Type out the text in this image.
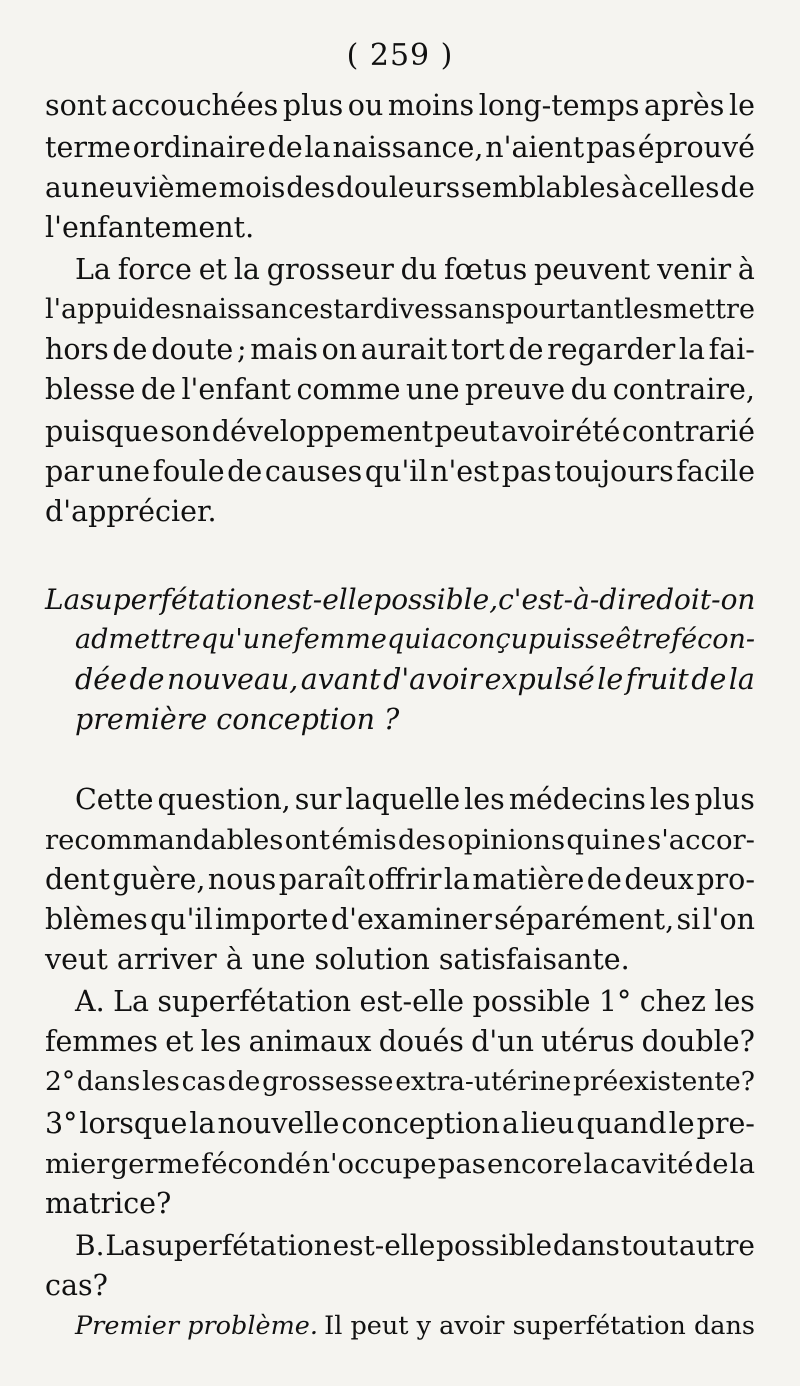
( 259 )
sont accouchées plus ou moins long-temps après le
terme ordinaire de la naissance, n'aient pas éprouvé
au neuvième mois des douleurs semblables à celles de
l'enfantement.
La force et la grosseur du fœtus peuvent venir à
l'appui des naissances tardives sans pourtant les mettre
hors de doute ; mais on aurait tort de regarder la fai-
blesse de l'enfant comme une preuve du contraire,
puisque son développement peut avoir été contrarié
par une foule de causes qu'il n'est pas toujours facile
d'apprécier.
La superfétation est-elle possible, c'est-à-dire doit-on
admettre qu'une femme qui a conçu puisse être fécon-
dée de nouveau, avant d'avoir expulsé le fruit de la
première conception ?
Cette question, sur laquelle les médecins les plus
recommandables ont émis des opinions qui ne s'accor-
dent guère, nous paraît offrir la matière de deux pro-
blèmes qu'il importe d'examiner séparément, si l'on
veut arriver à une solution satisfaisante.
A. La superfétation est-elle possible 1° chez les
femmes et les animaux doués d'un utérus double?
2° dans les cas de grossesse extra-utérine préexistente?
3° lorsque la nouvelle conception a lieu quand le pre-
mier germe fécondé n'occupe pas encore la cavité de la
matrice?
B. La superfétation est-elle possible dans tout autre
cas?
Premier problème. Il peut y avoir superfétation dans
